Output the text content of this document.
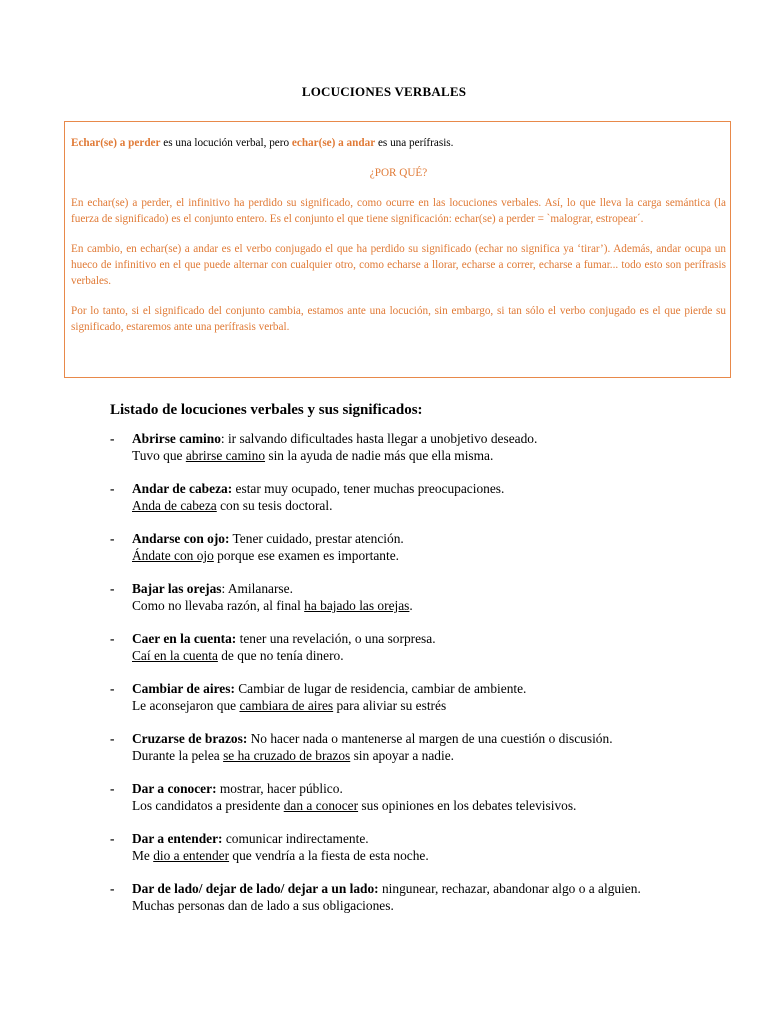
LOCUCIONES VERBALES

Echar(se) a perder es una locución verbal, pero echar(se) a andar es una perífrasis.

¿POR QUÉ?

En echar(se) a perder, el infinitivo ha perdido su significado, como ocurre en las locuciones verbales. Así, lo que lleva la carga semántica (la fuerza de significado) es el conjunto entero. Es el conjunto el que tiene significación: echar(se) a perder = `malograr, estropear´.

En cambio, en echar(se) a andar es el verbo conjugado el que ha perdido su significado (echar no significa ya ‘tirar’). Además, andar ocupa un hueco de infinitivo en el que puede alternar con cualquier otro, como echarse a llorar, echarse a correr, echarse a fumar... todo esto son perífrasis verbales.

Por lo tanto, si el significado del conjunto cambia, estamos ante una locución, sin embargo, si tan sólo el verbo conjugado es el que pierde su significado, estaremos ante una perífrasis verbal.

Listado de locuciones verbales y sus significados:
- Abrirse camino: ir salvando dificultades hasta llegar a unobjetivo deseado.
Tuvo que abrirse camino sin la ayuda de nadie más que ella misma.
- Andar de cabeza: estar muy ocupado, tener muchas preocupaciones.
Anda de cabeza con su tesis doctoral.
- Andarse con ojo: Tener cuidado, prestar atención.
Ándate con ojo porque ese examen es importante.
- Bajar las orejas: Amilanarse.
Como no llevaba razón, al final ha bajado las orejas.
- Caer en la cuenta: tener una revelación, o una sorpresa.
Caí en la cuenta de que no tenía dinero.
- Cambiar de aires: Cambiar de lugar de residencia, cambiar de ambiente.
Le aconsejaron que cambiara de aires para aliviar su estrés
- Cruzarse de brazos: No hacer nada o mantenerse al margen de una cuestión o discusión.
Durante la pelea se ha cruzado de brazos sin apoyar a nadie.
- Dar a conocer: mostrar, hacer público.
Los candidatos a presidente dan a conocer sus opiniones en los debates televisivos.
- Dar a entender: comunicar indirectamente.
Me dio a entender que vendría a la fiesta de esta noche.
- Dar de lado/ dejar de lado/ dejar a un lado: ningunear, rechazar, abandonar algo o a alguien.
Muchas personas dan de lado a sus obligaciones.
